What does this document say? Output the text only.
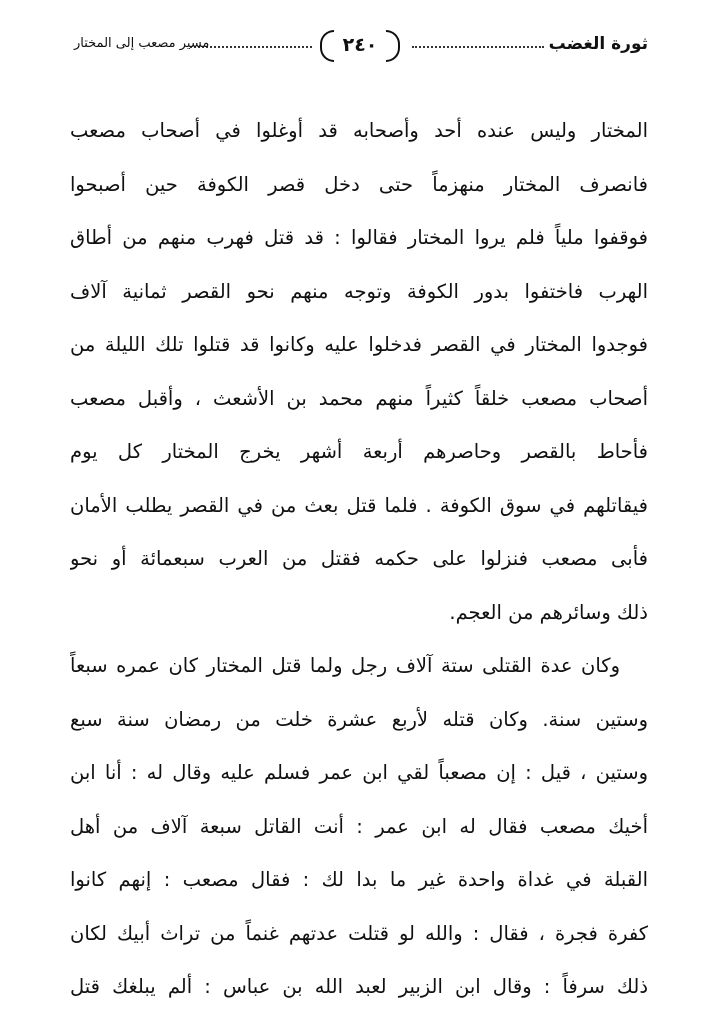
ثورة الغضب
٢٤٠
مسير مصعب إلى المختار
المختار وليس عنده أحد وأصحابه قد أوغلوا في أصحاب مصعب
فانصرف المختار منهزماً حتى دخل قصر الكوفة حين أصبحوا
فوقفوا ملياً فلم يروا المختار فقالوا : قد قتل فهرب منهم من أطاق
الهرب فاختفوا بدور الكوفة وتوجه منهم نحو القصر ثمانية آلاف
فوجدوا المختار في القصر فدخلوا عليه وكانوا قد قتلوا تلك الليلة من
أصحاب مصعب خلقاً كثيراً منهم محمد بن الأشعث ، وأقبل مصعب
فأحاط بالقصر وحاصرهم أربعة أشهر يخرج المختار كل يوم
فيقاتلهم في سوق الكوفة . فلما قتل بعث من في القصر يطلب الأمان
فأبى مصعب فنزلوا على حكمه فقتل من العرب سبعمائة أو نحو
ذلك وسائرهم من العجم.
وكان عدة القتلى ستة آلاف رجل ولما قتل المختار كان عمره سبعاً
وستين سنة. وكان قتله لأربع عشرة خلت من رمضان سنة سبع
وستين ، قيل : إن مصعباً لقي ابن عمر فسلم عليه وقال له : أنا ابن
أخيك مصعب فقال له ابن عمر : أنت القاتل سبعة آلاف من أهل
القبلة في غداة واحدة غير ما بدا لك : فقال مصعب : إنهم كانوا
كفرة فجرة ، فقال : والله لو قتلت عدتهم غنماً من تراث أبيك لكان
ذلك سرفاً : وقال ابن الزبير لعبد الله بن عباس : ألم يبلغك قتل
